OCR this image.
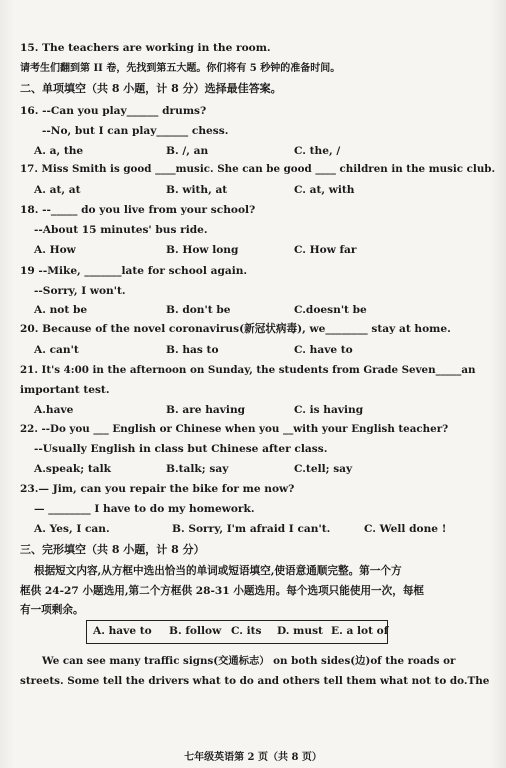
15. The teachers are working in the room.
请考生们翻到第 II 卷，先找到第五大题。你们将有 5 秒钟的准备时间。
二、单项填空（共 8 小题，计 8 分）选择最佳答案。
16. --Can you play______ drums?
--No, but I can play______ chess.
A. a, the	B. /, an	C. the, /
17. Miss Smith is good ____music. She can be good ____ children in the music club.
A. at, at	B. with, at	C. at, with
18. --_____ do you live from your school?
--About 15 minutes' bus ride.
A. How	B. How long	C. How far
19 --Mike, _______late for school again.
--Sorry, I won't.
A. not be	B. don't be	C.doesn't be
20. Because of the novel coronavirus(新冠状病毒), we________ stay at home.
A. can't	B. has to	C. have to
21. It's 4:00 in the afternoon on Sunday, the students from Grade Seven_____an
important test.
A.have	B. are having	C. is having
22. --Do you ___ English or Chinese when you __with your English teacher?
--Usually English in class but Chinese after class.
A.speak; talk	B.talk; say	C.tell; say
23.— Jim, can you repair the bike for me now?
— ________ I have to do my homework.
A. Yes, I can.	B. Sorry, I'm afraid I can't.	C. Well done !
三、完形填空（共 8 小题，计 8 分）
根据短文内容,从方框中选出恰当的单词或短语填空,使语意通顺完整。第一个方
框供 24-27 小题选用,第二个方框供 28-31 小题选用。每个选项只能使用一次，每框
有一项剩余。
A. have to B. follow C. its D. must E. a lot of
We can see many traffic signs(交通标志） on both sides(边)of the roads or
streets. Some tell the drivers what to do and others tell them what not to do.The
七年级英语第 2 页（共 8 页）
